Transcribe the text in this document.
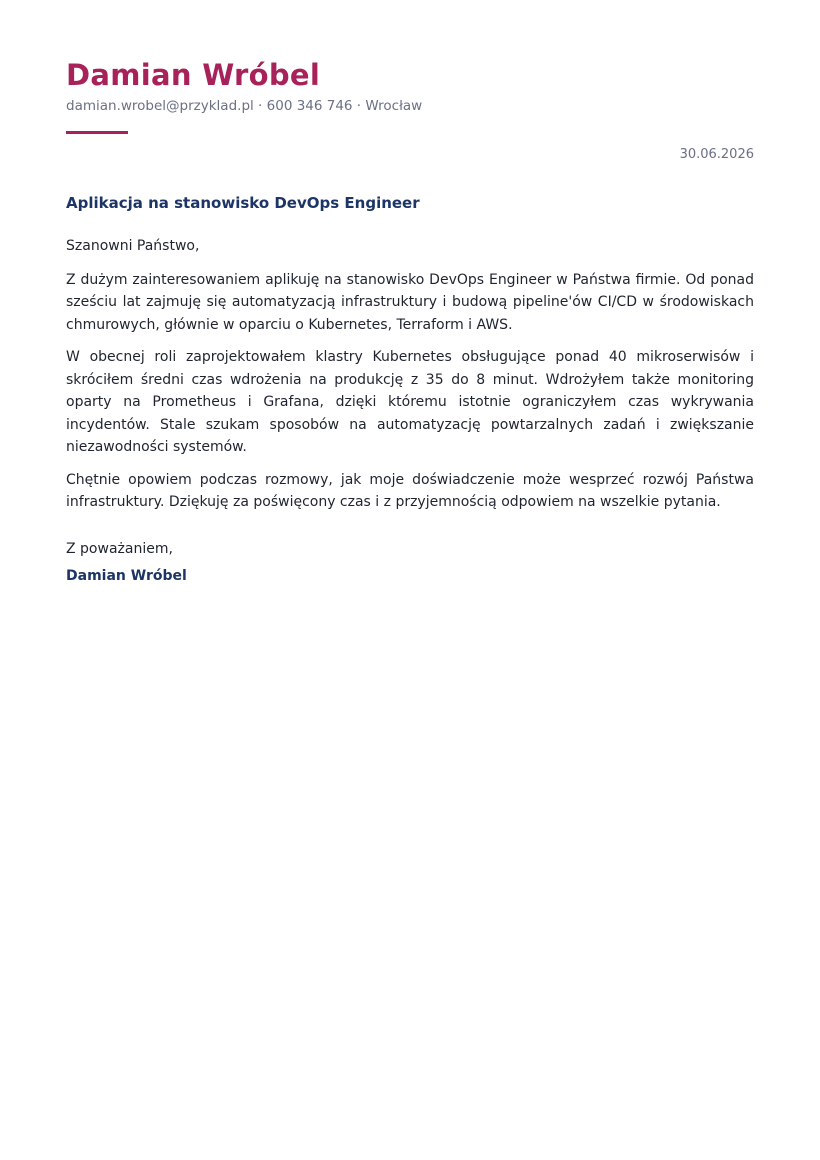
Damian Wróbel
damian.wrobel@przyklad.pl · 600 346 746 · Wrocław
30.06.2026
Aplikacja na stanowisko DevOps Engineer

Szanowni Państwo,

Z dużym zainteresowaniem aplikuję na stanowisko DevOps Engineer w Państwa firmie. Od ponad sześciu lat zajmuję się automatyzacją infrastruktury i budową pipeline'ów CI/CD w środowiskach chmurowych, głównie w oparciu o Kubernetes, Terraform i AWS.

W obecnej roli zaprojektowałem klastry Kubernetes obsługujące ponad 40 mikroserwisów i skróciłem średni czas wdrożenia na produkcję z 35 do 8 minut. Wdrożyłem także monitoring oparty na Prometheus i Grafana, dzięki któremu istotnie ograniczyłem czas wykrywania incydentów. Stale szukam sposobów na automatyzację powtarzalnych zadań i zwiększanie niezawodności systemów.

Chętnie opowiem podczas rozmowy, jak moje doświadczenie może wesprzeć rozwój Państwa infrastruktury. Dziękuję za poświęcony czas i z przyjemnością odpowiem na wszelkie pytania.

Z poważaniem,
Damian Wróbel
